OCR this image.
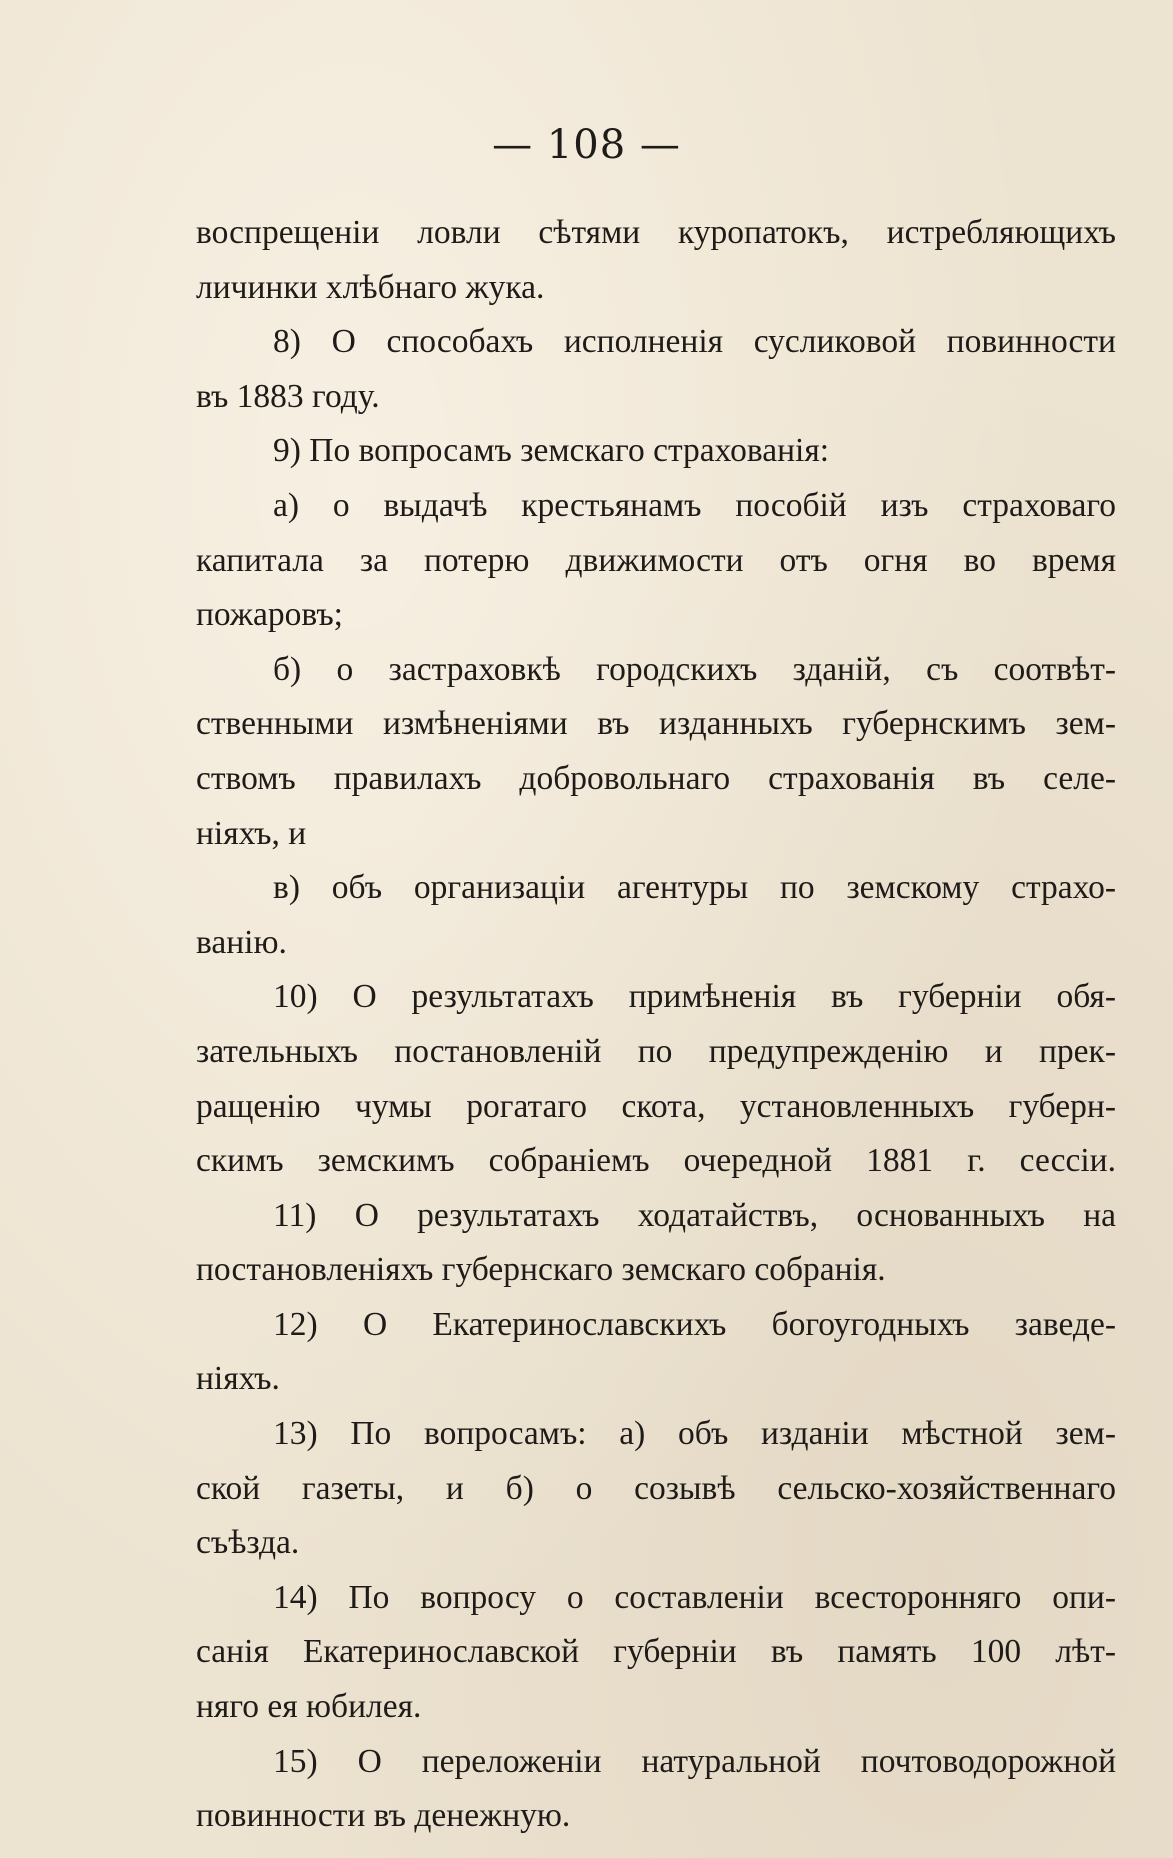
— 108 —
воспрещеніи ловли сѣтями куропатокъ, истребляющихъ
личинки хлѣбнаго жука.
8) О способахъ исполненія сусликовой повинности
въ 1883 году.
9) По вопросамъ земскаго страхованія:
а) о выдачѣ крестьянамъ пособій изъ страховаго
капитала за потерю движимости отъ огня во время
пожаровъ;
б) о застраховкѣ городскихъ зданій, съ соотвѣт-
ственными измѣненіями въ изданныхъ губернскимъ зем-
ствомъ правилахъ добровольнаго страхованія въ селе-
ніяхъ, и
в) объ организаціи агентуры по земскому страхо-
ванію.
10) О результатахъ примѣненія въ губерніи обя-
зательныхъ постановленій по предупрежденію и прек-
ращенію чумы рогатаго скота, установленныхъ губерн-
скимъ земскимъ собраніемъ очередной 1881 г. сессіи.
11) О результатахъ ходатайствъ, основанныхъ на
постановленіяхъ губернскаго земскаго собранія.
12) О Екатеринославскихъ богоугодныхъ заведе-
ніяхъ.
13) По вопросамъ: а) объ изданіи мѣстной зем-
ской газеты, и б) о созывѣ сельско-хозяйственнаго
съѣзда.
14) По вопросу о составленіи всесторонняго опи-
санія Екатеринославской губерніи въ память 100 лѣт-
няго ея юбилея.
15) О переложеніи натуральной почтоводорожной
повинности въ денежную.
